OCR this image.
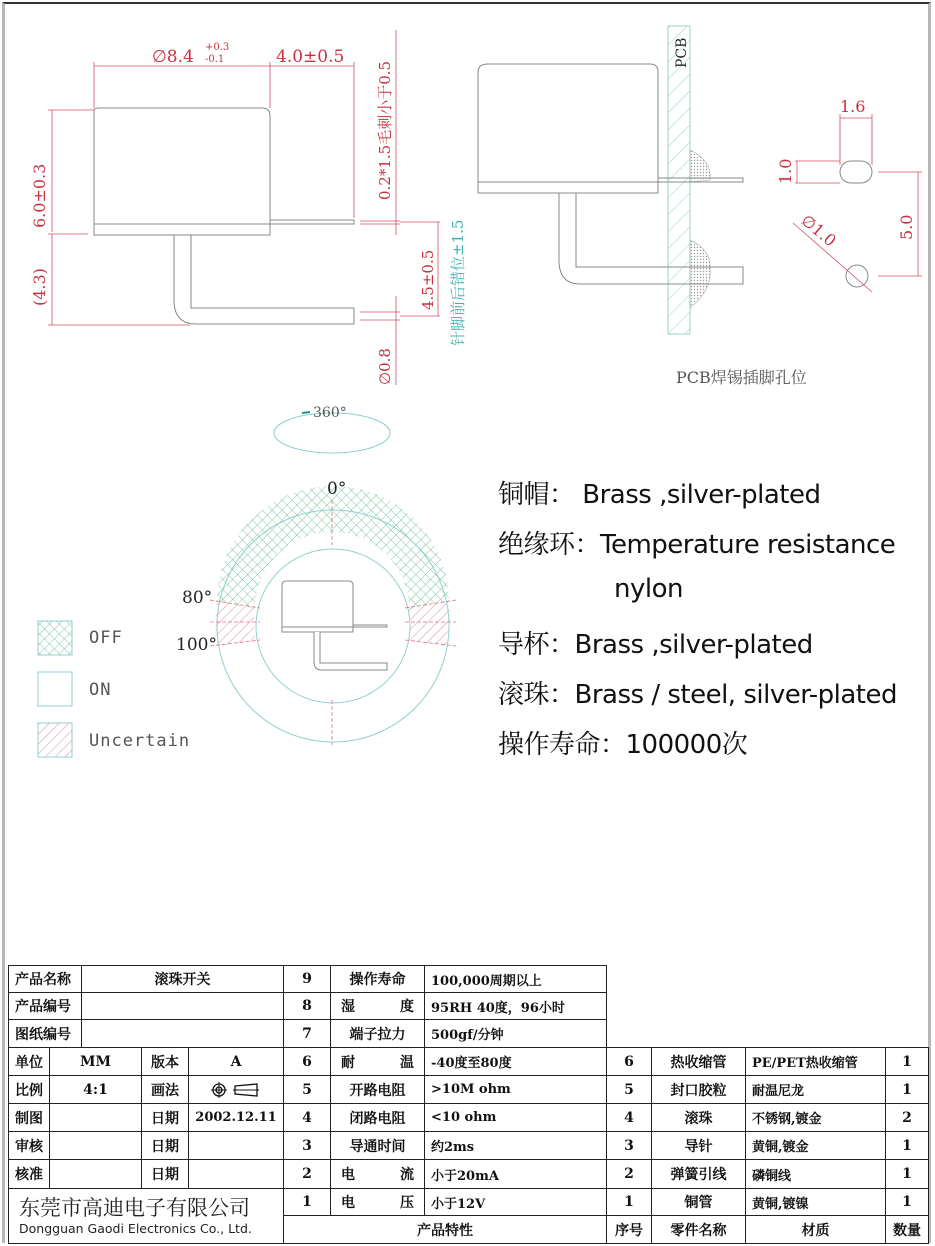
∅8.4 +0.3
-0.1	4.0±0.5
6.0±0.3
(4.3)
0.2*1.5毛刺小于0.5
针脚前后错位±1.5
4.5±0.5
∅0.8
PCB
1.6
1.0
∅1.0	5.0
PCB焊锡插脚孔位
360°
0°
80°
100°
OFF
ON
Uncertain
铜帽： Brass ,silver-plated
绝缘环：Temperature resistance
nylon
导杯：Brass ,silver-plated
滚珠：Brass / steel, silver-plated
操作寿命：100000次
产品名称	滚珠开关
产品编号
图纸编号
单位	MM	版本	A
比例	4:1	画法
制图	日期	2002.12.11
审核	日期
核准	日期
东莞市高迪电子有限公司
Dongguan Gaodi Electronics Co., Ltd.
9	操作寿命	100,000周期以上
8	湿	度	95RH 40度，96小时
7	端子拉力	500gf/分钟
6	耐	温	-40度至80度
5	开路电阻	>10M ohm
4	闭路电阻	<10 ohm
3	导通时间	约2ms
2	电	流	小于20mA
1	电	压	小于12V
产品特性
6	热收缩管	PE/PET热收缩管	1
5	封口胶粒	耐温尼龙	1
4	滚珠	不锈钢,镀金	2
3	导针	黄铜,镀金	1
2	弹簧引线	磷铜线	1
1	铜管	黄铜,镀镍	1
序号	零件名称	材质	数量
